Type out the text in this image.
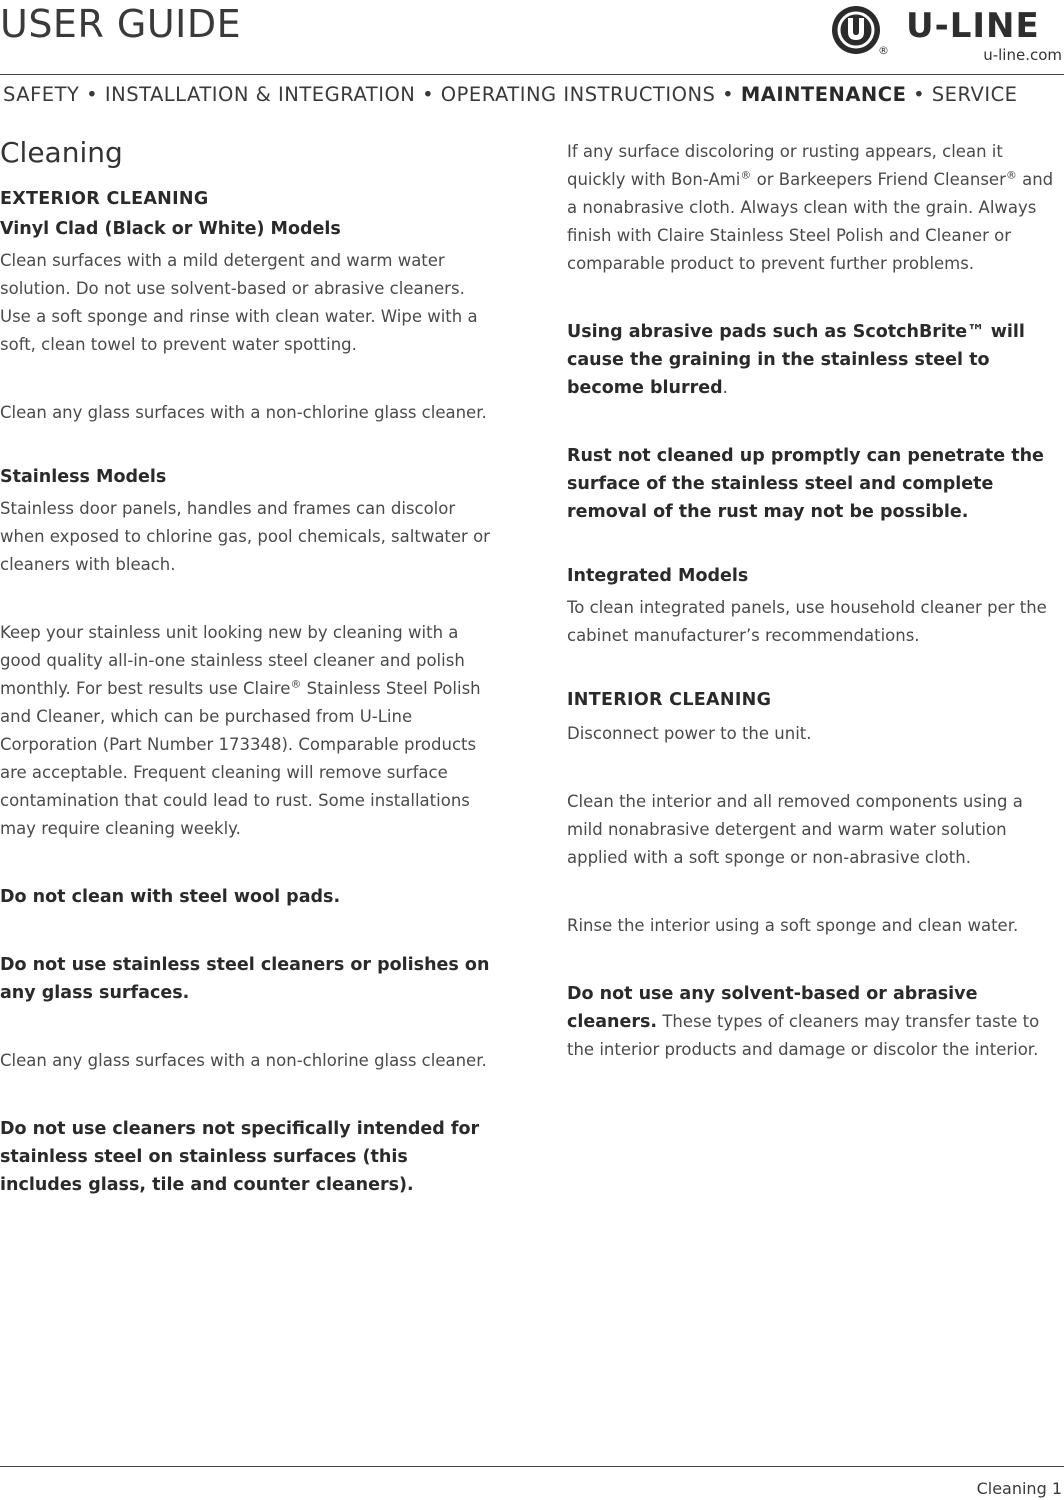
USER GUIDE
®
U-LINE
u-line.com
SAFETY • INSTALLATION & INTEGRATION • OPERATING INSTRUCTIONS • MAINTENANCE • SERVICE
Cleaning
EXTERIOR CLEANING
Vinyl Clad (Black or White) Models

Clean surfaces with a mild detergent and warm water solution. Do not use solvent-based or abrasive cleaners. Use a soft sponge and rinse with clean water. Wipe with a soft, clean towel to prevent water spotting.

Clean any glass surfaces with a non-chlorine glass cleaner.

Stainless Models

Stainless door panels, handles and frames can discolor when exposed to chlorine gas, pool chemicals, saltwater or cleaners with bleach.

Keep your stainless unit looking new by cleaning with a good quality all-in-one stainless steel cleaner and polish monthly. For best results use Claire® Stainless Steel Polish and Cleaner, which can be purchased from U-Line Corporation (Part Number 173348). Comparable products are acceptable. Frequent cleaning will remove surface contamination that could lead to rust. Some installations may require cleaning weekly.

Do not clean with steel wool pads.

Do not use stainless steel cleaners or polishes on any glass surfaces.

Clean any glass surfaces with a non-chlorine glass cleaner.

Do not use cleaners not specifically intended for stainless steel on stainless surfaces (this includes glass, tile and counter cleaners).

If any surface discoloring or rusting appears, clean it quickly with Bon-Ami® or Barkeepers Friend Cleanser® and a nonabrasive cloth. Always clean with the grain. Always finish with Claire Stainless Steel Polish and Cleaner or comparable product to prevent further problems.

Using abrasive pads such as ScotchBrite™ will cause the graining in the stainless steel to become blurred.

Rust not cleaned up promptly can penetrate the surface of the stainless steel and complete removal of the rust may not be possible.

Integrated Models

To clean integrated panels, use household cleaner per the cabinet manufacturer’s recommendations.

INTERIOR CLEANING

Disconnect power to the unit.

Clean the interior and all removed components using a mild nonabrasive detergent and warm water solution applied with a soft sponge or non-abrasive cloth.

Rinse the interior using a soft sponge and clean water.

Do not use any solvent-based or abrasive cleaners. These types of cleaners may transfer taste to the interior products and damage or discolor the interior.

Cleaning 1
